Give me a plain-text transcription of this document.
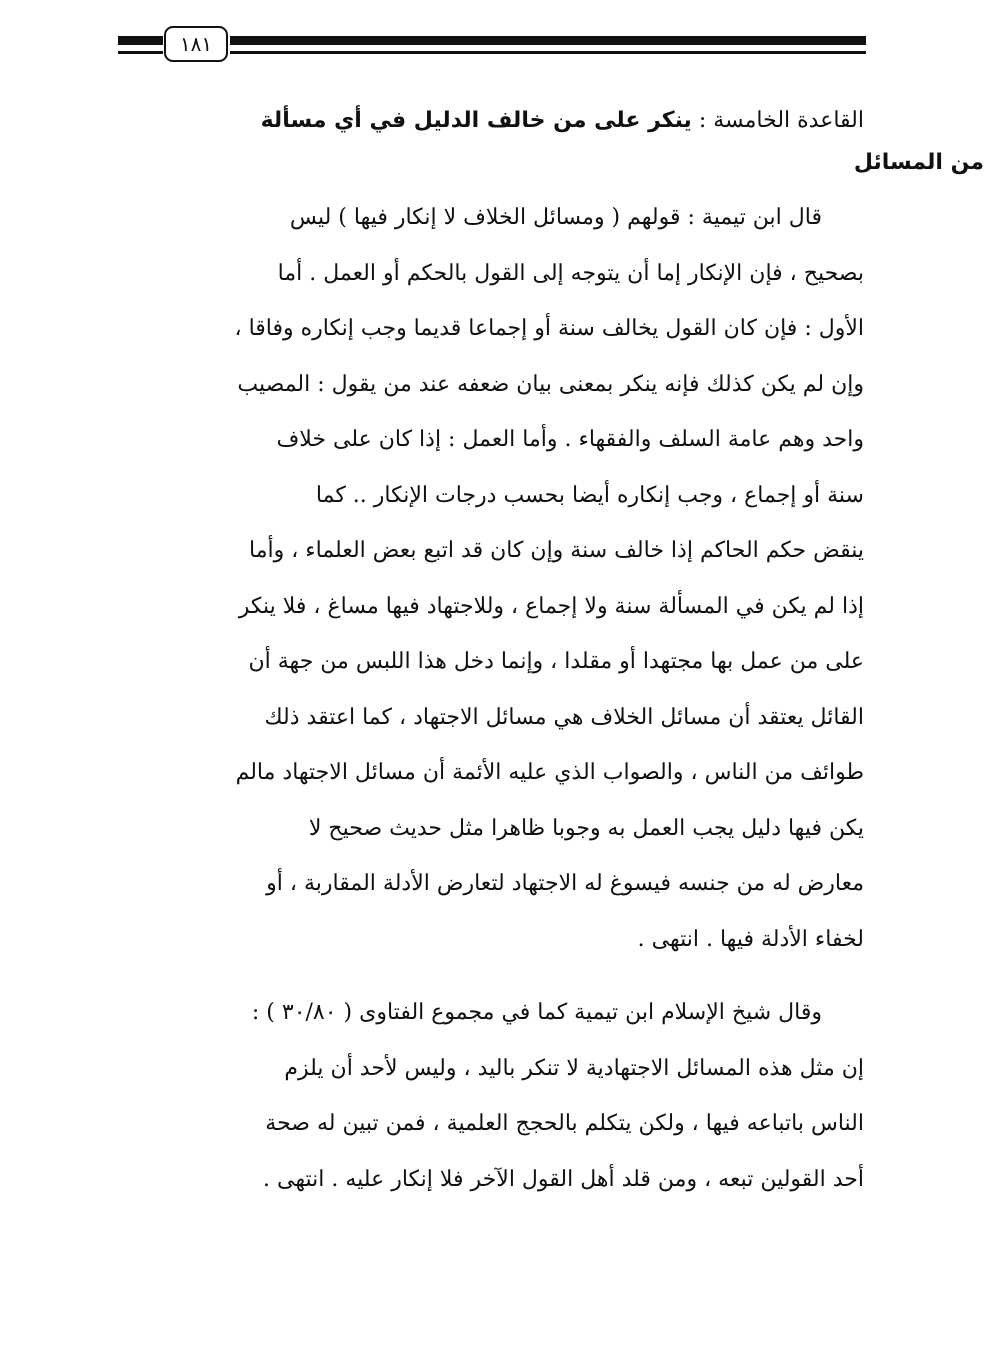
١٨١
القاعدة الخامسة : ينكر على من خالف الدليل في أي مسألة
من المسائل

قال ابن تيمية : قولهم ( ومسائل الخلاف لا إنكار فيها ) ليس

بصحيح ، فإن الإنكار إما أن يتوجه إلى القول بالحكم أو العمل . أما

الأول : فإن كان القول يخالف سنة أو إجماعا قديما وجب إنكاره وفاقا ،

وإن لم يكن كذلك فإنه ينكر بمعنى بيان ضعفه عند من يقول : المصيب

واحد وهم عامة السلف والفقهاء . وأما العمل : إذا كان على خلاف

سنة أو إجماع ، وجب إنكاره أيضا بحسب درجات الإنكار .. كما

ينقض حكم الحاكم إذا خالف سنة وإن كان قد اتبع بعض العلماء ، وأما

إذا لم يكن في المسألة سنة ولا إجماع ، وللاجتهاد فيها مساغ ، فلا ينكر

على من عمل بها مجتهدا أو مقلدا ، وإنما دخل هذا اللبس من جهة أن

القائل يعتقد أن مسائل الخلاف هي مسائل الاجتهاد ، كما اعتقد ذلك

طوائف من الناس ، والصواب الذي عليه الأئمة أن مسائل الاجتهاد مالم

يكن فيها دليل يجب العمل به وجوبا ظاهرا مثل حديث صحيح لا

معارض له من جنسه فيسوغ له الاجتهاد لتعارض الأدلة المقاربة ، أو

لخفاء الأدلة فيها . انتهى .

وقال شيخ الإسلام ابن تيمية كما في مجموع الفتاوى ( ٣٠/٨٠ ) :

إن مثل هذه المسائل الاجتهادية لا تنكر باليد ، وليس لأحد أن يلزم

الناس باتباعه فيها ، ولكن يتكلم بالحجج العلمية ، فمن تبين له صحة

أحد القولين تبعه ، ومن قلد أهل القول الآخر فلا إنكار عليه . انتهى .
